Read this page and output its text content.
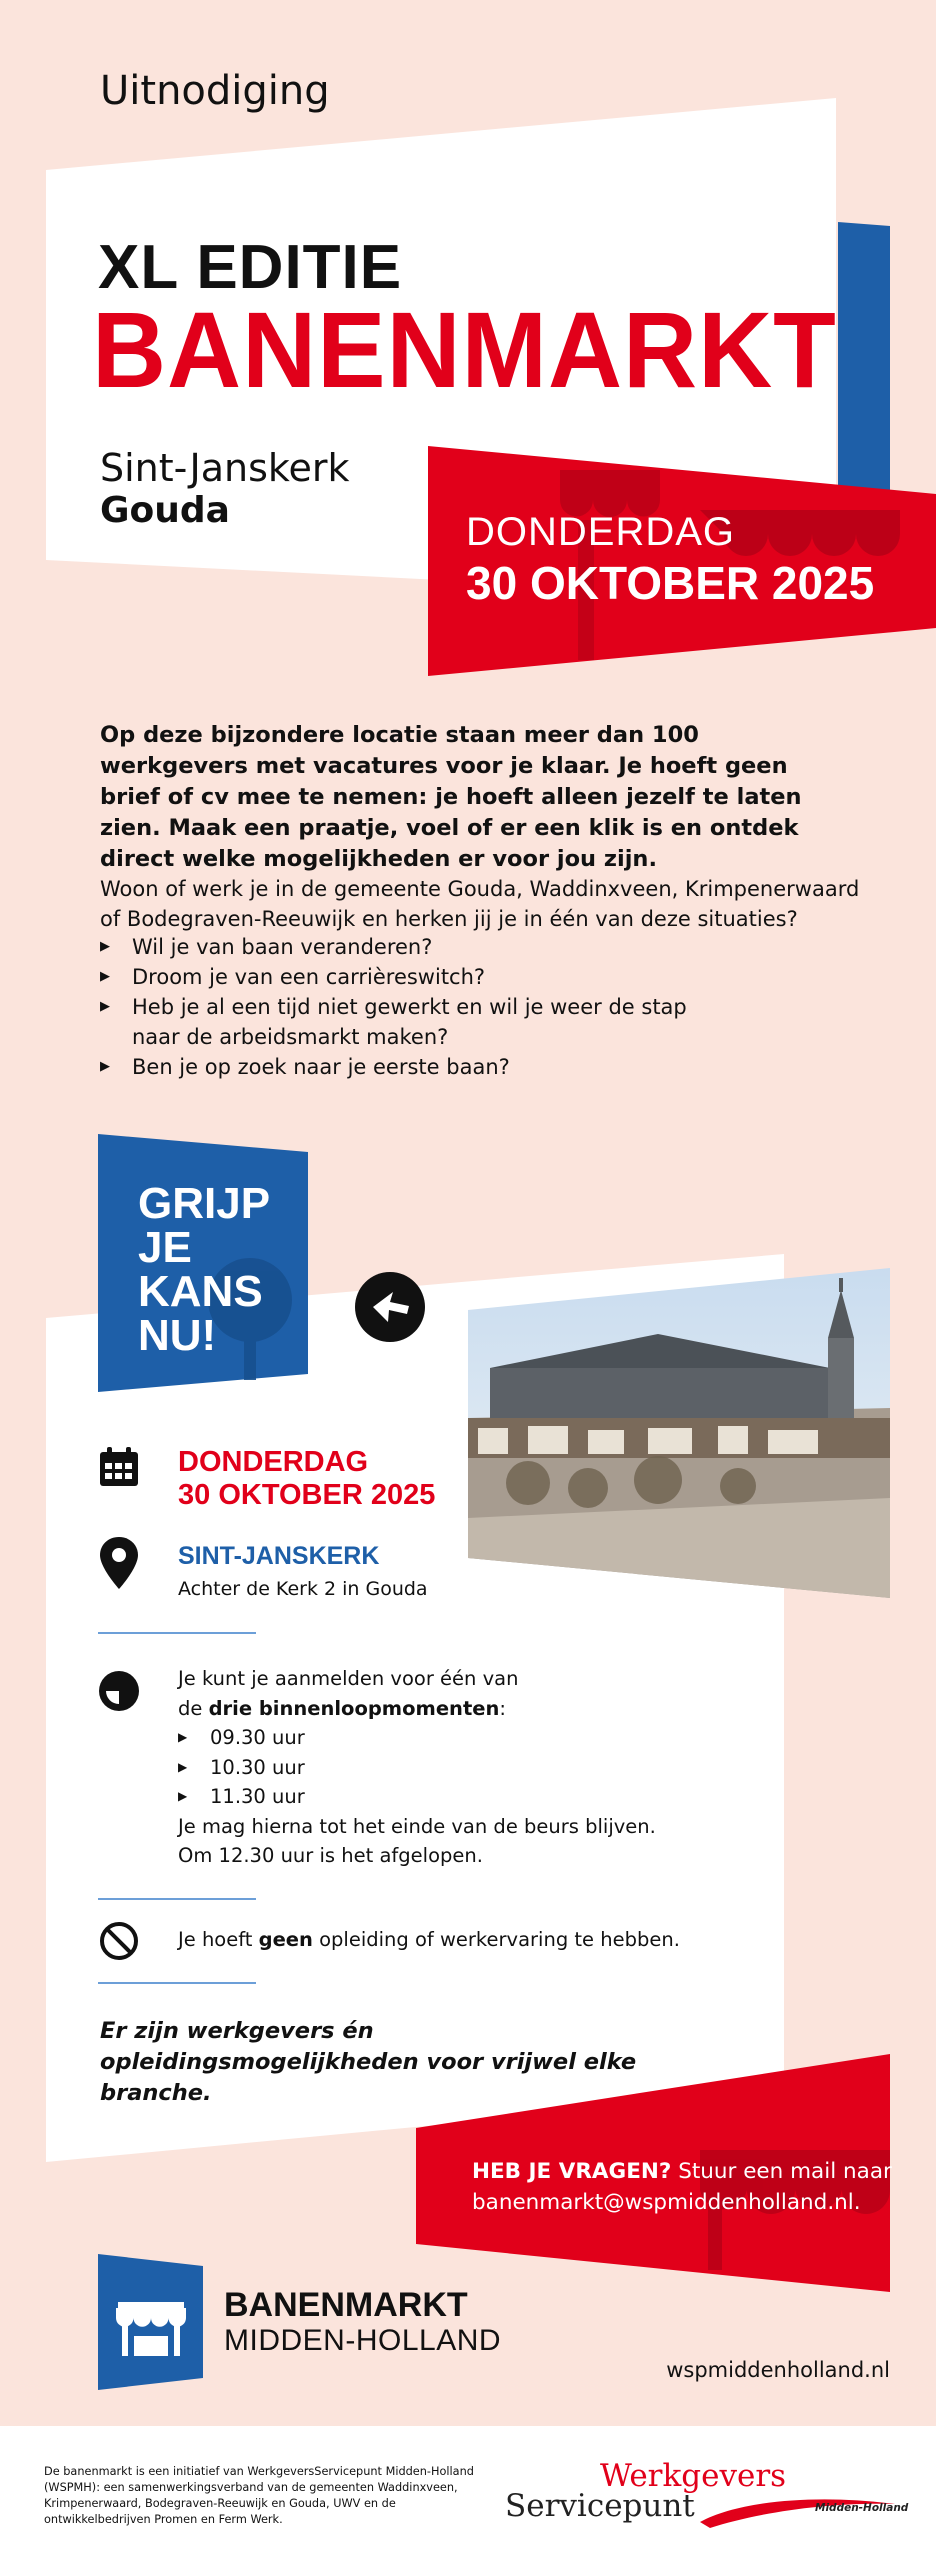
Uitnodiging
XL EDITIE
BANENMARKT
Sint-Janskerk
Gouda	DONDERDAG
30 OKTOBER 2025
Op deze bijzondere locatie staan meer dan 100 werkgevers met vacatures voor je klaar. Je hoeft geen brief of cv mee te nemen: je hoeft alleen jezelf te laten zien. Maak een praatje, voel of er een klik is en ontdek direct welke mogelijkheden er voor jou zijn.
Woon of werk je in de gemeente Gouda, Waddinxveen, Krimpenerwaard of Bodegraven-Reeuwijk en herken jij je in één van deze situaties?
▶ Wil je van baan veranderen?
▶ Droom je van een carrièreswitch?
▶ Heb je al een tijd niet gewerkt en wil je weer de stap naar de arbeidsmarkt maken?
▶ Ben je op zoek naar je eerste baan?
GRIJP
JE
KANS
NU!
DONDERDAG
30 OKTOBER 2025
SINT-JANSKERK
Achter de Kerk 2 in Gouda
Je kunt je aanmelden voor één van
de drie binnenloopmomenten:
▶ 09.30 uur
▶ 10.30 uur
▶ 11.30 uur
Je mag hierna tot het einde van de beurs blijven.
Om 12.30 uur is het afgelopen.
Je hoeft geen opleiding of werkervaring te hebben.
Er zijn werkgevers én opleidingsmogelijkheden voor vrijwel elke branche.
HEB JE VRAGEN? Stuur een mail naar banenmarkt@wspmiddenholland.nl.
BANENMARKT
MIDDEN-HOLLAND
wspmiddenholland.nl
De banenmarkt is een initiatief van WerkgeversServicepunt Midden-Holland (WSPMH): een samenwerkingsverband van de gemeenten Waddinxveen, Krimpenerwaard, Bodegraven-Reeuwijk en Gouda, UWV en de ontwikkelbedrijven Promen en Ferm Werk.
Werkgevers
Servicepunt	Midden-Holland
